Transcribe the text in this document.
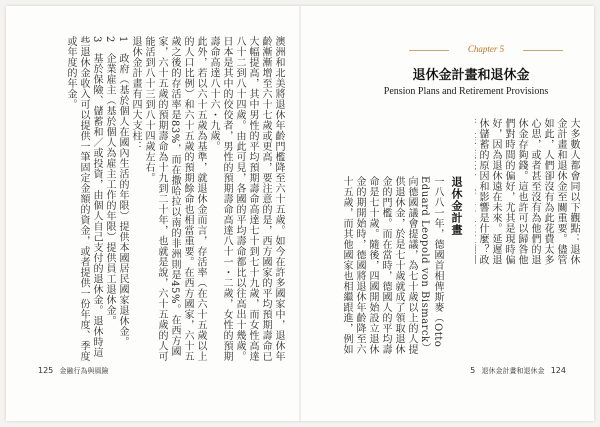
澳洲和北美將退休年齡門檻降至六十五歲。如今在許多國家中，退休年齡漸漸增至六十七歲或更高，要注意的是，西方國家的平均預期壽命已大幅提高，其中男性的平均預期壽命高達七十到七十九歲，而女性高達八十二到八十四歲。由此可見，各國的平均壽命都比以往高出十幾歲。日本是其中的佼佼者，男性的預期壽命高達八十一・二歲，女性的預期壽命高達八十六・九歲。

此外，若以六十五歲為基準，就退休金而言，存活率（在六十五歲以上的人口比例）和六十五歲的預期餘命也相當重要。在西方國家，六十五歲之後的存活率是83%，而在撒哈拉以南的非洲則是45%。在西方國家，六十五歲的預期壽命為十九到二十年，也就是說，六十五歲的人可能活到八十三到八十四歲左右。

退休金計畫有四大支柱：

1　政府（基於個人在國內生活的年限）提供本國居民國家退休金。

2　企業雇主（基於個人為雇主工作的年限）提供員工退休金。

3　基於保險、儲蓄和／或投資，由個人自己支付的退休金。退休時這些退休金收入可以提供一筆固定金額的資金，或者提供一份年度、季度或年度的年金。

125 金融行為與風險
Chapter 5
退休金計畫和退休金
Pension Plans and Retirement Provisions

大多數人都會同以下觀點：退休金計畫和退休金至關重要。儘管如此，人們卻沒有為此花費太多心思，或者甚至沒有為他們的退休金存夠錢。這也許可以歸咎他們對時間的偏好，尤其是現時偏好，因為退休遠在未來。延遲退休儲蓄的原因和影響是什麼？政

退休金計畫

一八八一年，德國首相俾斯麥（Otto Eduard Leopold von Bismarck）向德國議會提議，為七十歲以上的人提供退休金，於是七十歲就成了領取退休金的門檻。而在當時，德國人的平均壽命是七十歲。隨後，四國開始設立退休金的期開始時，德國將退休年齡降至六十五歲，而其他國家也相繼跟進，例如

5 退休金計畫和退休金 124
